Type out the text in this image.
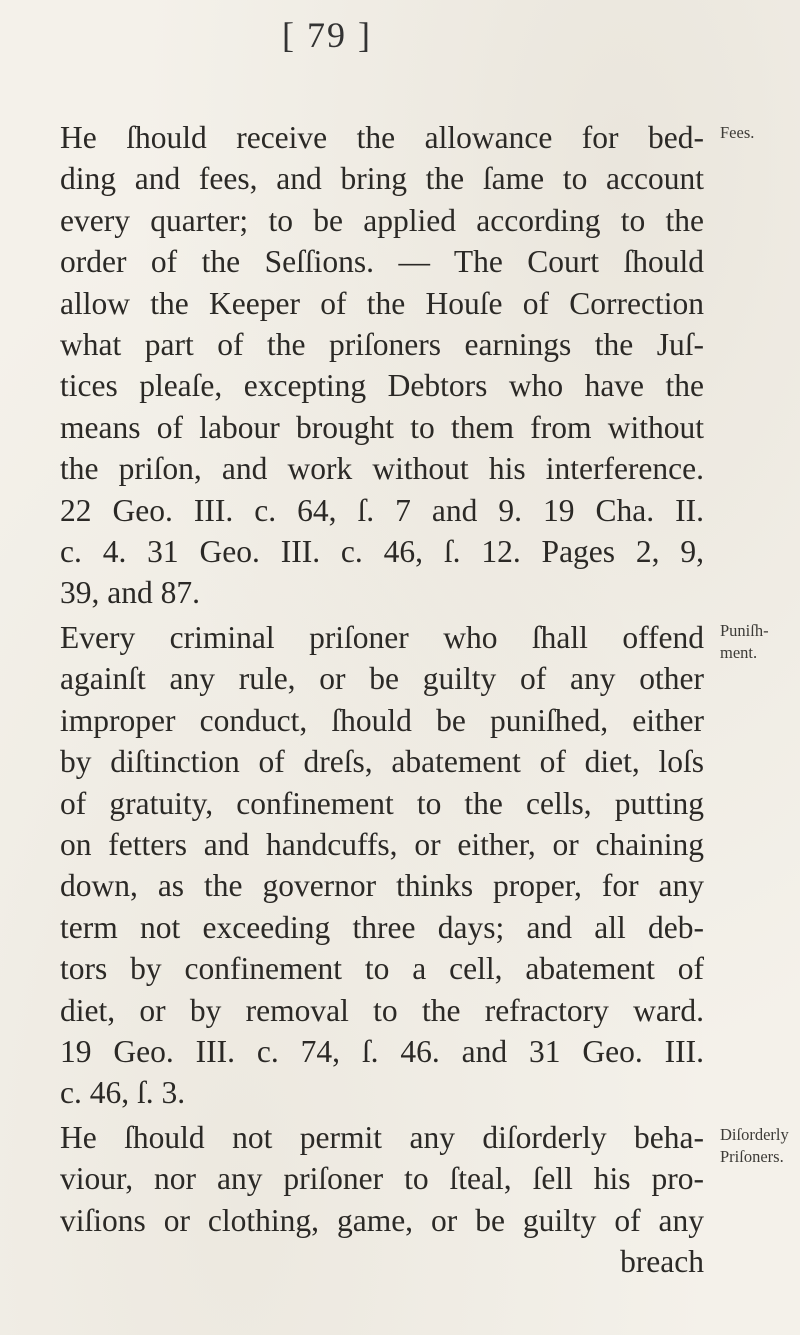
[ 79 ]
He ſhould receive the allowance for bed-
ding and fees, and bring the ſame to account
every quarter; to be applied according to the
order of the Seſſions. — The Court ſhould
allow the Keeper of the Houſe of Correction
what part of the priſoners earnings the Juſ-
tices pleaſe, excepting Debtors who have the
means of labour brought to them from without
the priſon, and work without his interference.
22 Geo. III. c. 64, ſ. 7 and 9. 19 Cha. II.
c. 4. 31 Geo. III. c. 46, ſ. 12. Pages 2, 9,
39, and 87.
Every criminal priſoner who ſhall offend
againſt any rule, or be guilty of any other
improper conduct, ſhould be puniſhed, either
by diſtinction of dreſs, abatement of diet, loſs
of gratuity, confinement to the cells, putting
on fetters and handcuffs, or either, or chaining
down, as the governor thinks proper, for any
term not exceeding three days; and all deb-
tors by confinement to a cell, abatement of
diet, or by removal to the refractory ward.
19 Geo. III. c. 74, ſ. 46. and 31 Geo. III.
c. 46, ſ. 3.
He ſhould not permit any diſorderly beha-
viour, nor any priſoner to ſteal, ſell his pro-
viſions or clothing, game, or be guilty of any
breach
Fees.
Puniſh-
ment.
Diſorderly
Priſoners.
